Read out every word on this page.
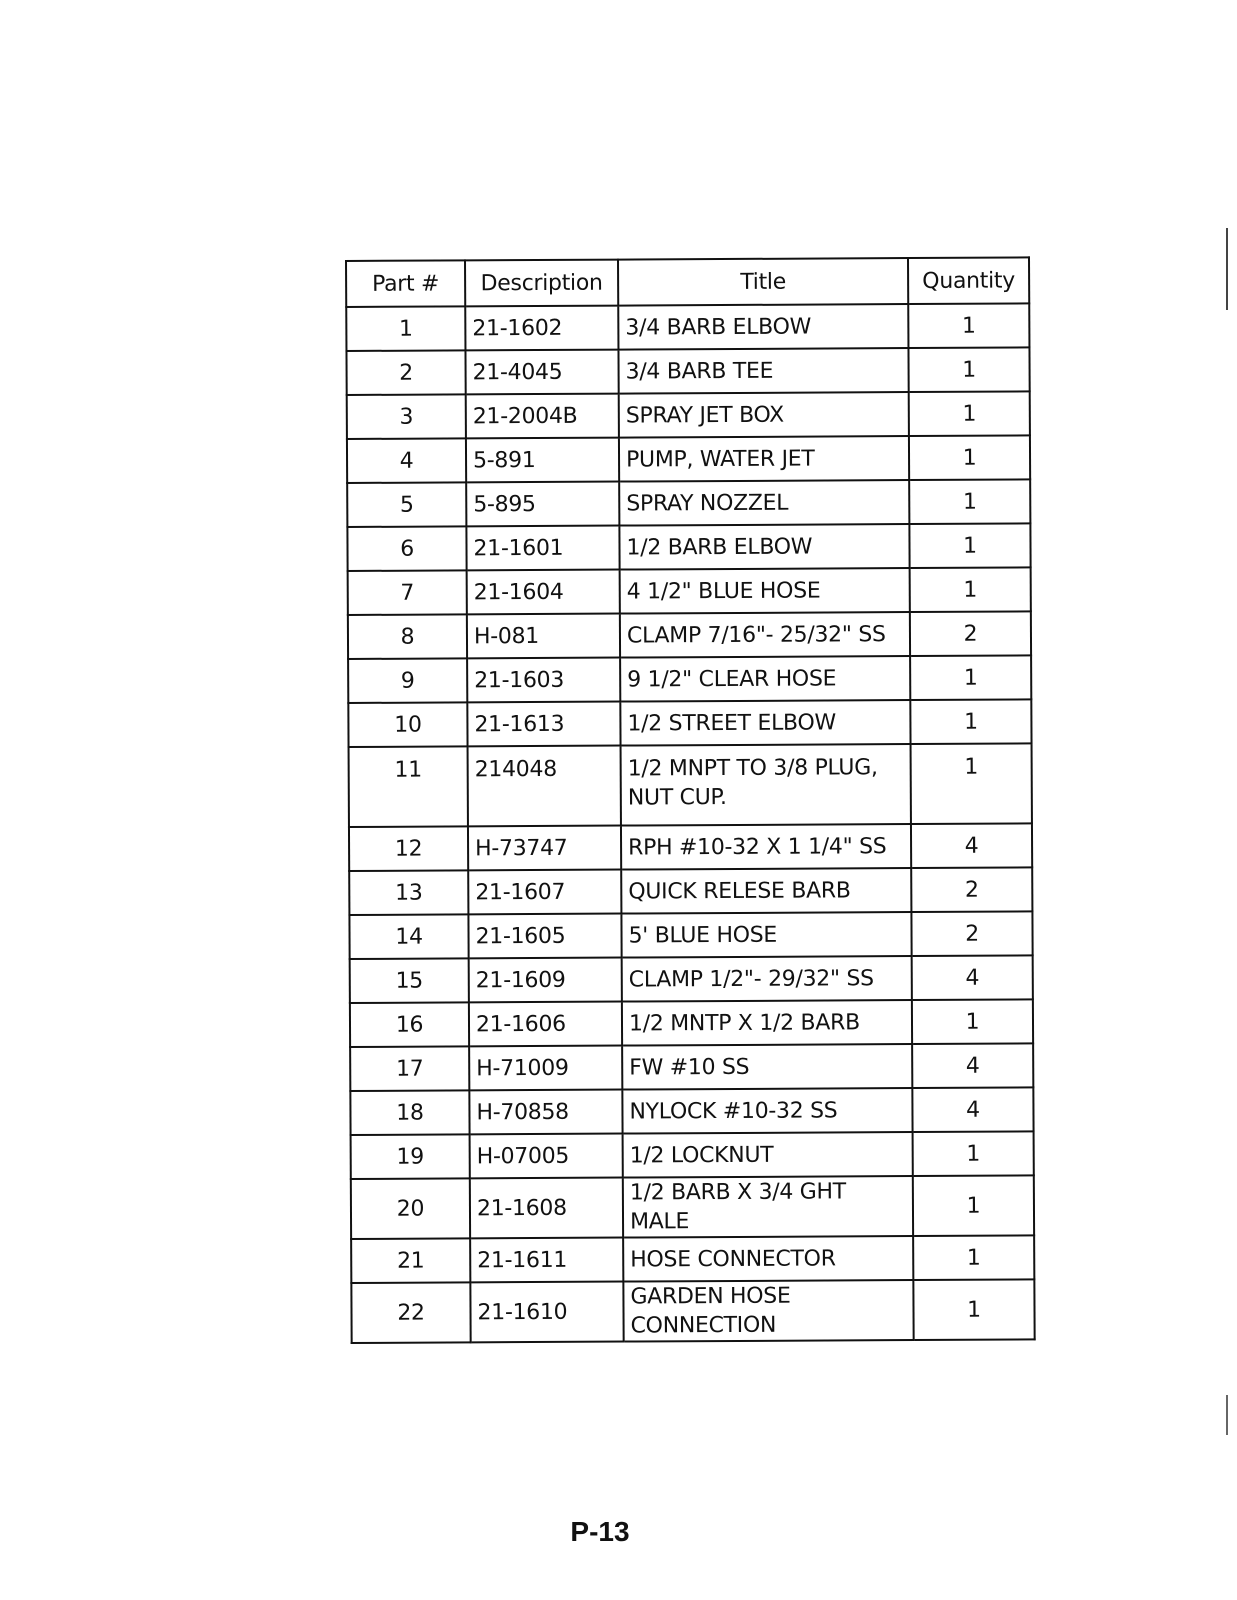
Part #	Description	Title	Quantity
1	21-1602	3/4 BARB ELBOW	1
2	21-4045	3/4 BARB TEE	1
3	21-2004B	SPRAY JET BOX	1
4	5-891	PUMP, WATER JET	1
5	5-895	SPRAY NOZZEL	1
6	21-1601	1/2 BARB ELBOW	1
7	21-1604	4 1/2" BLUE HOSE	1
8	H-081	CLAMP 7/16"- 25/32" SS	2
9	21-1603	9 1/2" CLEAR HOSE	1
10	21-1613	1/2 STREET ELBOW	1
11	214048	1/2 MNPT TO 3/8 PLUG, NUT CUP.	1
12	H-73747	RPH #10-32 X 1 1/4" SS	4
13	21-1607	QUICK RELESE BARB	2
14	21-1605	5' BLUE HOSE	2
15	21-1609	CLAMP 1/2"- 29/32" SS	4
16	21-1606	1/2 MNTP X 1/2 BARB	1
17	H-71009	FW #10 SS	4
18	H-70858	NYLOCK #10-32 SS	4
19	H-07005	1/2 LOCKNUT	1
20	21-1608	1/2 BARB X 3/4 GHT MALE	1
21	21-1611	HOSE CONNECTOR	1
22	21-1610	GARDEN HOSE CONNECTION	1
P-13
